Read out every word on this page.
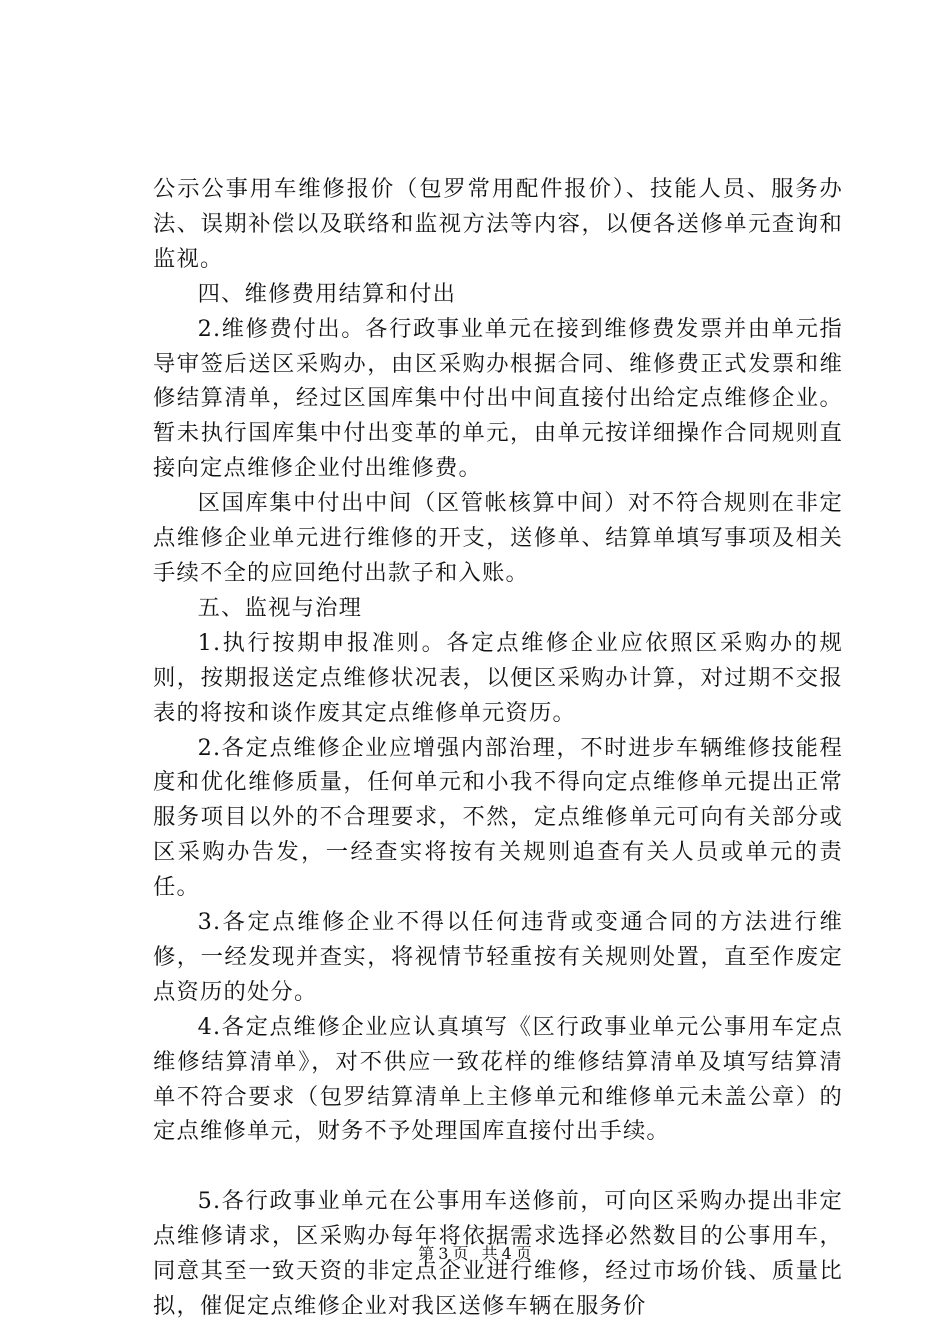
公示公事用车维修报价（包罗常用配件报价）、技能人员、服务办法、误期补偿以及联络和监视方法等内容，以便各送修单元查询和监视。

四、维修费用结算和付出

2.维修费付出。各行政事业单元在接到维修费发票并由单元指导审签后送区采购办，由区采购办根据合同、维修费正式发票和维修结算清单，经过区国库集中付出中间直接付出给定点维修企业。暂未执行国库集中付出变革的单元，由单元按详细操作合同规则直接向定点维修企业付出维修费。

区国库集中付出中间（区管帐核算中间）对不符合规则在非定点维修企业单元进行维修的开支，送修单、结算单填写事项及相关手续不全的应回绝付出款子和入账。

五、监视与治理

1.执行按期申报准则。各定点维修企业应依照区采购办的规则，按期报送定点维修状况表，以便区采购办计算，对过期不交报表的将按和谈作废其定点维修单元资历。

2.各定点维修企业应增强内部治理，不时进步车辆维修技能程度和优化维修质量，任何单元和小我不得向定点维修单元提出正常服务项目以外的不合理要求，不然，定点维修单元可向有关部分或区采购办告发，一经查实将按有关规则追查有关人员或单元的责任。

3.各定点维修企业不得以任何违背或变通合同的方法进行维修，一经发现并查实，将视情节轻重按有关规则处置，直至作废定点资历的处分。

4.各定点维修企业应认真填写《区行政事业单元公事用车定点维修结算清单》，对不供应一致花样的维修结算清单及填写结算清单不符合要求（包罗结算清单上主修单元和维修单元未盖公章）的定点维修单元，财务不予处理国库直接付出手续。

5.各行政事业单元在公事用车送修前，可向区采购办提出非定点维修请求，区采购办每年将依据需求选择必然数目的公事用车，同意其至一致天资的非定点企业进行维修，经过市场价钱、质量比拟，催促定点维修企业对我区送修车辆在服务价

第 3 页 共 4 页
